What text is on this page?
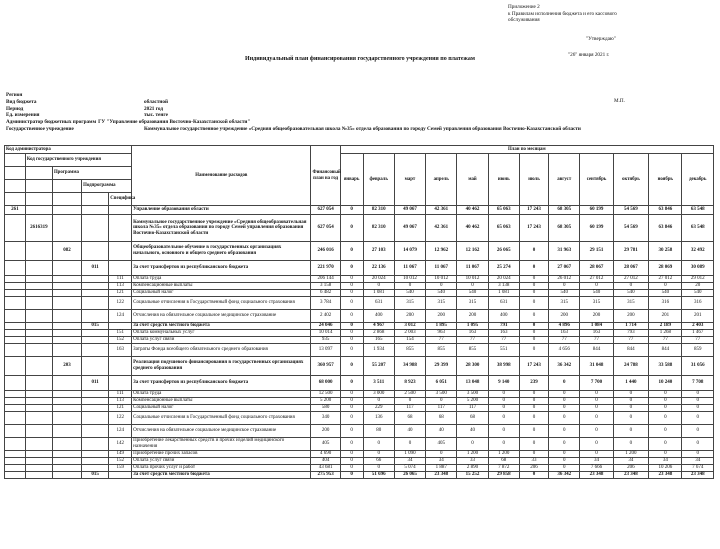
Приложение 2
к Правилам исполнения бюджета и его кассового
обслуживания
"Утверждаю"
"26" января 2021 г.
Индивидуальный план финансирования государственного учреждения по платежам
Регион
Вид бюджета	областной
Период	2021 год
Ед. измерения	тыс. тенге
Администратор бюджетных программ ГУ "Управление образования Восточно-Казахстанской области"
Государственное учреждение	Коммунальное государственное учреждение «Средняя общеобразовательная школа №35» отдела образования по городу Семей управления образования Восточно-Казахстанской области
М.П.
Код администратора					Наименование расходов	Финансовый план на год	План по месяцам											
	Код государственного учреждения						январь	февраль	март	апрель	май	июнь	июль	август	сентябрь	октябрь	ноябрь	декабрь
		Программа																
			Подпрограмма															
				Специфика														
261					Управление образования области	627 054	0	82 310	49 067	42 361	40 462	65 063	17 243	68 305	60 199	54 569	63 846	63 548
	2616319				Коммунальное государственное учреждение «Средняя общеобразовательная школа №35» отдела образования по городу Семей управления образования Восточно-Казахстанской области	627 054	0	82 310	49 067	42 361	40 462	65 063	17 243	68 305	60 199	54 569	63 846	63 548
		082			Общеобразовательное обучение в государственных организациях начального, основного и общего среднего образования	246 016	0	27 103	14 079	12 962	12 162	26 065	0	31 963	29 151	29 781	30 258	32 492
			011		За счет трансфертов из республиканского бюджета	221 970	0	22 136	11 067	11 067	11 067	25 274	0	27 067	28 067	28 067	28 069	30 089
				111	Оплата труда	206 144	0	20 024	10 012	10 012	10 012	20 024	0	26 012	27 012	27 012	27 012	29 012
				113	Компенсационные выплаты	3 158	0	0	0	0	0	3 138	0	0	0	0	0	20
				121	Социальный налог	6 482	0	1 081	540	540	540	1 081	0	540	540	540	540	540
				122	Социальные отчисления в Государственный фонд социального страхования	3 784	0	631	315	315	315	631	0	315	315	315	316	316
				124	Отчисления на обязательное социальное медицинское страхование	2 402	0	400	200	200	200	400	0	200	200	200	201	201
			015		За счет средств местного бюджета	24 046	0	4 967	3 012	1 895	1 095	791	0	4 896	1 084	1 714	2 189	2 403
				151	Оплата коммунальных услуг	10 014	0	2 868	2 003	963	163	163	0	163	163	793	1 268	1 467
				152	Оплата услуг связи	935	0	165	154	77	77	77	0	77	77	77	77	77
				163	Затраты Фонда всеобщего обязательного среднего образования	13 097	0	1 934	855	855	855	551	0	4 656	844	844	844	859
		203			Реализация подушевого финансирования в государственных организациях среднего образования	360 957	0	55 207	34 988	29 399	28 300	38 998	17 243	36 342	31 048	24 788	33 588	31 056
			011		За счет трансфертов из республиканского бюджета	68 000	0	3 511	8 923	6 051	13 048	9 140	239	0	7 700	1 440	10 240	7 708
				111	Оплата труда	12 500	0	3 000	2 500	3 500	3 500	0	0	0	0	0	0	0
				113	Компенсационные выплаты	5 200	0	0	0	0	5 200	0	0	0	0	0	0	0
				121	Социальный налог	580	0	229	117	117	117	0	0	0	0	0	0	0
				122	Социальные отчисления в Государственный фонд социального страхования	340	0	136	68	68	68	0	0	0	0	0	0	0
				124	Отчисления на обязательное социальное медицинское страхование	200	0	80	40	40	40	0	0	0	0	0	0	0
				142	Приобретение лекарственных средств и прочих изделий медицинского назначения	405	0	0	0	405	0	0	0	0	0	0	0	0
				149	Приобретение прочих запасов	4 690	0	0	1 090	0	1 200	1 200	0	0	0	1 200	0	0
				152	Оплата услуг связи	404	0	66	34	34	33	68	33	0	34	34	34	34
				159	Оплата прочих услуг и работ	43 681	0	0	5 074	1 887	2 890	7 872	206	0	7 666	206	10 206	7 674
			015		За счет средств местного бюджета	275 953	0	51 696	26 065	23 348	15 252	29 858	0	36 342	23 348	23 348	23 348	23 348
